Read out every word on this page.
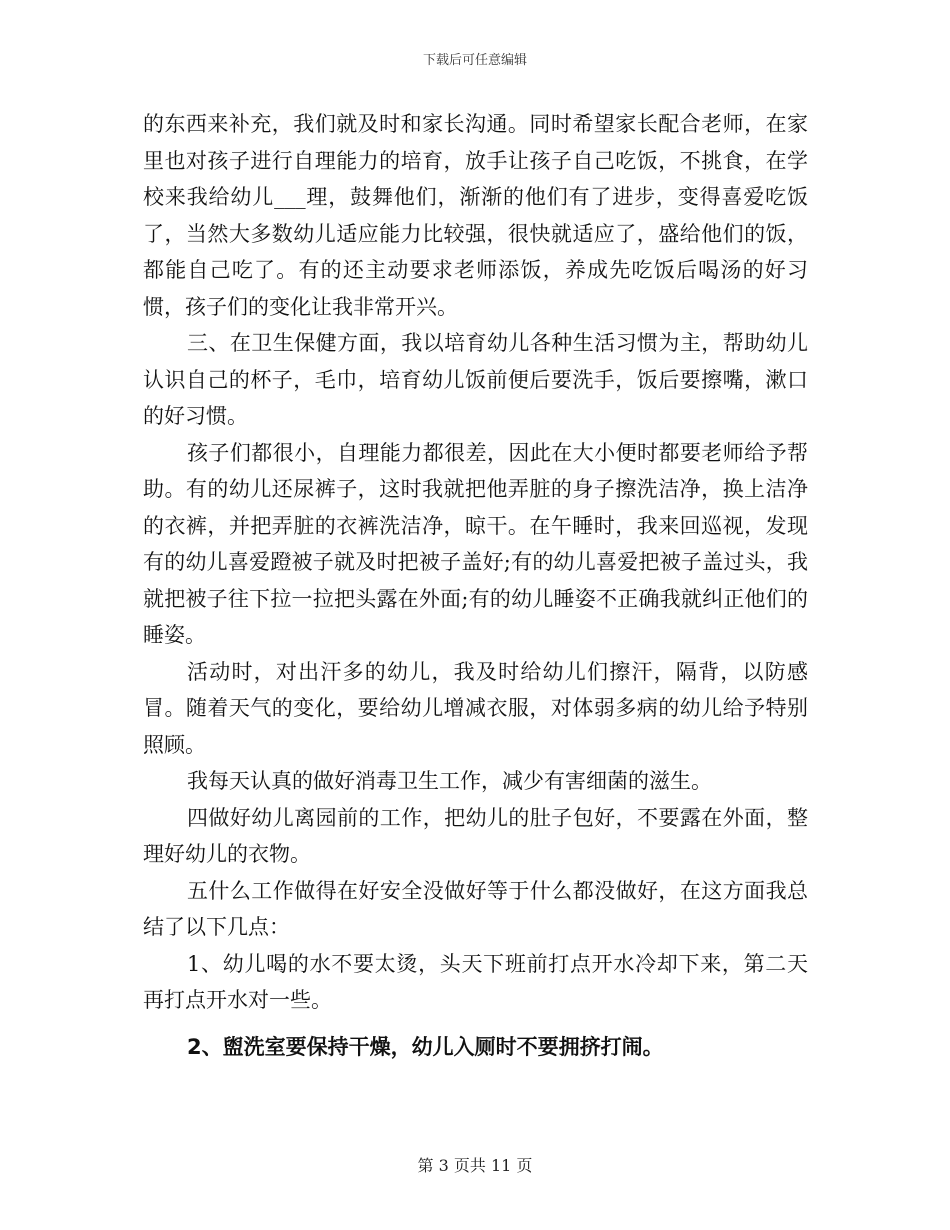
下载后可任意编辑

的东西来补充，我们就及时和家长沟通。同时希望家长配合老师，在家里也对孩子进行自理能力的培育，放手让孩子自己吃饭，不挑食，在学校来我给幼儿___理，鼓舞他们，渐渐的他们有了进步，变得喜爱吃饭了，当然大多数幼儿适应能力比较强，很快就适应了，盛给他们的饭，都能自己吃了。有的还主动要求老师添饭，养成先吃饭后喝汤的好习惯，孩子们的变化让我非常开兴。

三、在卫生保健方面，我以培育幼儿各种生活习惯为主，帮助幼儿认识自己的杯子，毛巾，培育幼儿饭前便后要洗手，饭后要擦嘴，漱口的好习惯。

孩子们都很小，自理能力都很差，因此在大小便时都要老师给予帮助。有的幼儿还尿裤子，这时我就把他弄脏的身子擦洗洁净，换上洁净的衣裤，并把弄脏的衣裤洗洁净，晾干。在午睡时，我来回巡视，发现有的幼儿喜爱蹬被子就及时把被子盖好;有的幼儿喜爱把被子盖过头，我就把被子往下拉一拉把头露在外面;有的幼儿睡姿不正确我就纠正他们的睡姿。

活动时，对出汗多的幼儿，我及时给幼儿们擦汗，隔背，以防感冒。随着天气的变化，要给幼儿增减衣服，对体弱多病的幼儿给予特别照顾。

我每天认真的做好消毒卫生工作，减少有害细菌的滋生。

四做好幼儿离园前的工作，把幼儿的肚子包好，不要露在外面，整理好幼儿的衣物。

五什么工作做得在好安全没做好等于什么都没做好，在这方面我总结了以下几点：

1、幼儿喝的水不要太烫，头天下班前打点开水冷却下来，第二天再打点开水对一些。

2、盥洗室要保持干燥，幼儿入厕时不要拥挤打闹。

第 3 页共 11 页
